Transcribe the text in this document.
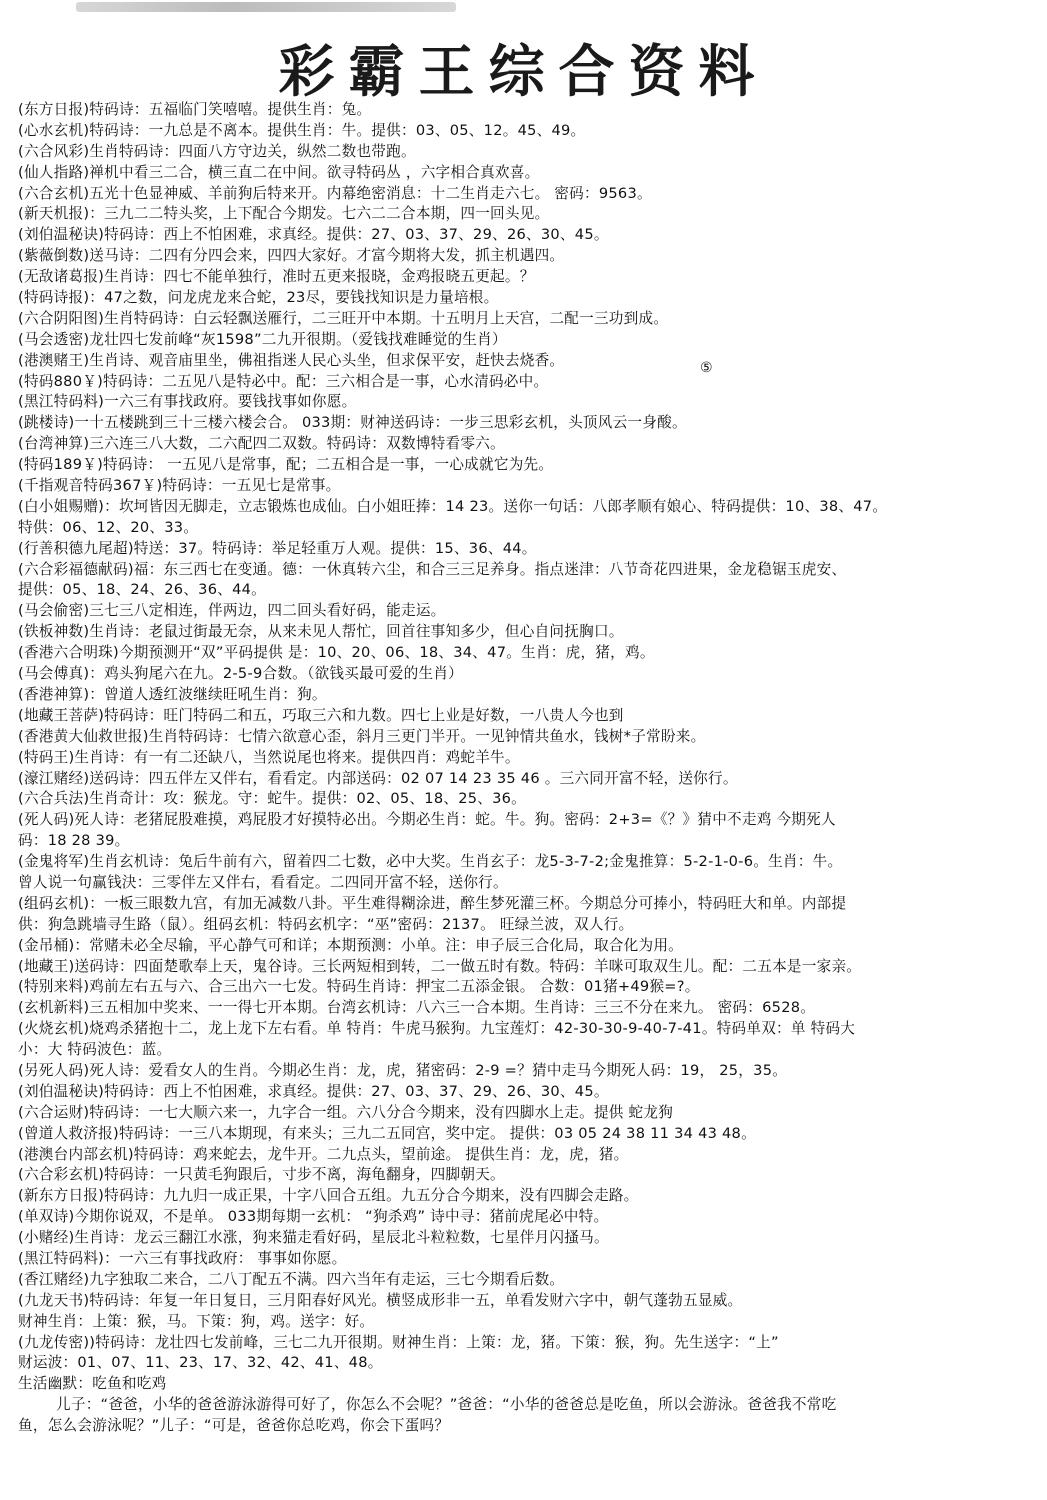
彩霸王综合资料
⑤
(东方日报)特码诗：五福临门笑嘻嘻。提供生肖：兔。
(心水玄机)特码诗：一九总是不离本。提供生肖：牛。提供：03、05、12。45、49。
(六合风彩)生肖特码诗：四面八方守边关，纵然二数也带跑。
(仙人指路)禅机中看三二合，横三直二在中间。欲寻特码丛 ，六字相合真欢喜。
(六合玄机)五光十色显神威、羊前狗后特来开。内幕绝密消息：十二生肖走六七。 密码：9563。
(新天机报)：三九二二特头奖，上下配合今期发。七六二二合本期，四一回头见。
(刘伯温秘诀)特码诗：西上不怕困难，求真经。提供：27、03、37、29、26、30、45。
(紫薇倒数)送马诗：二四有分四会来，四四大家好。才富今期将大发，抓主机遇四。
(无敌诸葛报)生肖诗：四七不能单独行，准时五更来报晓，金鸡报晓五更起。？
(特码诗报)：47之数，问龙虎龙来合蛇，23尽，要钱找知识是力量培根。
(六合阴阳图)生肖特码诗：白云轻飘送雁行，二三旺开中本期。十五明月上天宫，二配一三功到成。
(马会透密)龙壮四七发前峰“灰1598”二九开很期。（爱钱找难睡觉的生肖）
(港澳赌王)生肖诗、观音庙里坐，佛祖指迷人民心头坐，但求保平安，赶快去烧香。
(特码880￥)特码诗：二五见八是特必中。配：三六相合是一事，心水清码必中。
(黑江特码料)一六三有事找政府。要钱找事如你愿。
(跳楼诗)一十五楼跳到三十三楼六楼会合。 033期：财神送码诗：一步三思彩玄机，头顶风云一身酸。
(台湾神算)三六连三八大数，二六配四二双数。特码诗：双数博特看零六。
(特码189￥)特码诗： 一五见八是常事，配；二五相合是一事，一心成就它为先。
(千指观音特码367￥)特码诗：一五见七是常事。
(白小姐赐赠)：坎坷皆因无脚走，立志锻炼也成仙。白小姐旺捧：14 23。送你一句话：八郎孝顺有娘心、特码提供：10、38、47。
特供：06、12、20、33。
(行善积德九尾超)特送：37。特码诗：举足轻重万人观。提供：15、36、44。
(六合彩福德献码)福：东三西七在变通。德：一休真转六尘，和合三三足养身。指点迷津：八节奇花四进果，金龙稳锯玉虎安、
提供：05、18、24、26、36、44。
(马会偷密)三七三八定相连，伴两边，四二回头看好码，能走运。
(铁板神数)生肖诗：老鼠过街最无奈，从来未见人帮忙，回首往事知多少，但心自问抚胸口。
(香港六合明珠)今期预测开“双”平码提供 是：10、20、06、18、34、47。生肖：虎，猪，鸡。
(马会傅真)：鸡头狗尾六在九。2-5-9合数。（欲钱买最可爱的生肖）
(香港神算)：曾道人透红波继续旺吼生肖：狗。
(地藏王菩萨)特码诗：旺门特码二和五，巧取三六和九数。四七上业是好数，一八贵人今也到
(香港黄大仙救世报)生肖特码诗：七情六欲意心歪，斜月三更门半开。一见钟情共鱼水，钱树*子常盼来。
(特码王)生肖诗：有一有二还缺八，当然说尾也将来。提供四肖：鸡蛇羊牛。
(濠江赌经)送码诗：四五伴左又伴右，看看定。内部送码：02 07 14 23 35 46 。三六同开富不轻，送你行。
(六合兵法)生肖奇计：攻：猴龙。守：蛇牛。提供：02、05、18、25、36。
(死人码)死人诗：老猪屁股难摸，鸡屁股才好摸特必出。今期必生肖：蛇。牛。狗。密码：2+3=《？》猜中不走鸡 今期死人
码：18 28 39。
(金鬼将军)生肖玄机诗：兔后牛前有六，留着四二七数，必中大奖。生肖玄子：龙5-3-7-2;金鬼推算：5-2-1-0-6。生肖：牛。
曾人说一句赢钱決：三零伴左又伴右，看看定。二四同开富不轻，送你行。
(组码玄机)：一板三眼数九宫，有加无减数八卦。平生难得糊涂进，醉生梦死灌三杯。今期总分可捧小，特码旺大和单。内部提
供：狗急跳墙寻生路（鼠）。组码玄机：特码玄机字：“巫”密码：2137。 旺绿兰波，双人行。
(金吊桶)：常赌未必全尽输，平心静气可和详；本期预测：小单。注：申子辰三合化局，取合化为用。
(地藏王)送码诗：四面楚歌奉上天，鬼谷诗。三长两短相到转，二一做五时有数。特码：羊咪可取双生儿。配：二五本是一家亲。
(特别来料)鸡前左右五与六、合三出六一七发。特码生肖诗：押宝二五添金银。 合数：01猪+49猴=?。
(玄机新料)三五相加中奖来、一一得七开本期。台湾玄机诗：八六三一合本期。生肖诗：三三不分在来九。 密码：6528。
(火烧玄机)烧鸡杀猪抱十二，龙上龙下左右看。单 特肖：牛虎马猴狗。九宝莲灯：42-30-30-9-40-7-41。特码单双：单 特码大
小：大 特码波色：蓝。
(另死人码)死人诗：爱看女人的生肖。今期必生肖：龙，虎，猪密码：2-9 =？猜中走马今期死人码：19， 25，35。
(刘伯温秘诀)特码诗：西上不怕困难，求真经。提供：27、03、37、29、26、30、45。
(六合运财)特码诗：一七大顺六来一，九字合一组。六八分合今期来，没有四脚水上走。提供 蛇龙狗
(曾道人救济报)特码诗：一三八本期现，有来头；三九二五同宫，奖中定。 提供：03 05 24 38 11 34 43 48。
(港澳台内部玄机)特码诗：鸡来蛇去，龙牛开。二九点头，望前途。 提供生肖：龙，虎，猪。
(六合彩玄机)特码诗：一只黄毛狗跟后，寸步不离，海龟翻身，四脚朝天。
(新东方日报)特码诗：九九归一成正果，十字八回合五组。九五分合今期来，没有四脚会走路。
(单双诗)今期你说双，不是单。 033期每期一玄机： “狗杀鸡” 诗中寻：猪前虎尾必中特。
(小赌经)生肖诗：龙云三翻江水涨，狗来猫走看好码，星辰北斗粒粒数，七星伴月闪搔马。
(黑江特码料)：一六三有事找政府： 事事如你愿。
(香江赌经)九字独取二来合，二八丁配五不满。四六当年有走运，三七今期看后数。
(九龙天书)特码诗：年复一年日复日，三月阳春好风光。横竖成形非一五，单看发财六字中，朝气蓬勃五显威。
财神生肖：上策：猴，马。下策：狗，鸡。送字：好。
(九龙传密))特码诗：龙壮四七发前峰，三七二九开很期。财神生肖：上策：龙，猪。下策：猴，狗。先生送字：“上”
财运波：01、07、11、23、17、32、42、41、48。
生活幽默：吃鱼和吃鸡
儿子：“爸爸，小华的爸爸游泳游得可好了，你怎么不会呢？”爸爸：“小华的爸爸总是吃鱼，所以会游泳。爸爸我不常吃
鱼，怎么会游泳呢？”儿子：“可是，爸爸你总吃鸡，你会下蛋吗？
